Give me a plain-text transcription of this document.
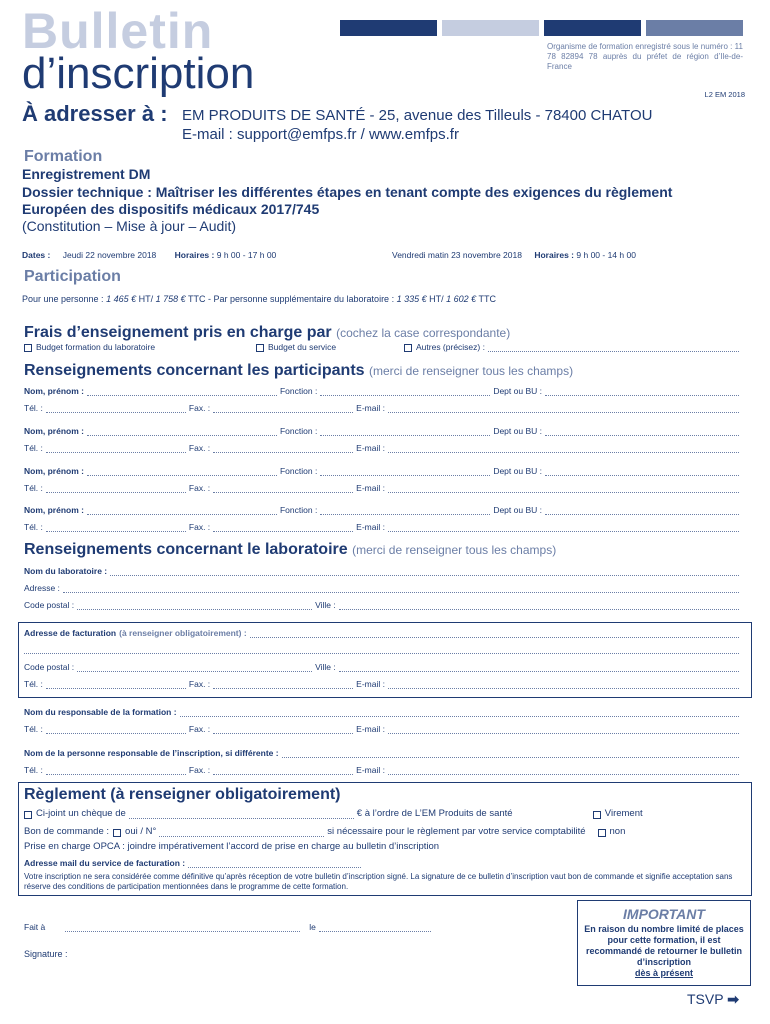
Bulletin
d’inscription
Organisme de formation enregistré sous le numéro : 11 78 82894 78 auprès du préfet de région d’Ile-de-France
L2 EM 2018
À adresser à : EM PRODUITS DE SANTÉ - 25, avenue des Tilleuls - 78400 CHATOU
E-mail : support@emfps.fr / www.emfps.fr
Formation
Enregistrement DM
Dossier technique : Maîtriser les différentes étapes en tenant compte des exigences du règlement Européen des dispositifs médicaux 2017/745
(Constitution – Mise à jour – Audit)
Dates : Jeudi 22 novembre 2018 Horaires : 9 h 00 - 17 h 00	Vendredi matin 23 novembre 2018 Horaires : 9 h 00 - 14 h 00
Participation
Pour une personne : 1 465 € HT/ 1 758 € TTC - Par personne supplémentaire du laboratoire : 1 335 € HT/ 1 602 € TTC
Frais d’enseignement pris en charge par (cochez la case correspondante)
Budget formation du laboratoire	Budget du service	Autres (précisez) :
Renseignements concernant les participants (merci de renseigner tous les champs)
Nom, prénom :	Fonction :	Dept ou BU :
Tél. :	Fax. :	E-mail :
Nom, prénom :	Fonction :	Dept ou BU :
Tél. :	Fax. :	E-mail :
Nom, prénom :	Fonction :	Dept ou BU :
Tél. :	Fax. :	E-mail :
Nom, prénom :	Fonction :	Dept ou BU :
Tél. :	Fax. :	E-mail :
Renseignements concernant le laboratoire (merci de renseigner tous les champs)
Nom du laboratoire :
Adresse :
Code postal :	Ville :
Adresse de facturation (à renseigner obligatoirement) :
Code postal :	Ville :
Tél. :	Fax. :	E-mail :
Nom du responsable de la formation :
Tél. :	Fax. :	E-mail :
Nom de la personne responsable de l’inscription, si différente :
Tél. :	Fax. :	E-mail :
Règlement (à renseigner obligatoirement)
Ci-joint un chèque de	€ à l’ordre de L’EM Produits de santé	Virement
Bon de commande : oui / N°	si nécessaire pour le règlement par votre service comptabilité	non
Prise en charge OPCA : joindre impérativement l’accord de prise en charge au bulletin d’inscription
Adresse mail du service de facturation :
Votre inscription ne sera considérée comme définitive qu’après réception de votre bulletin d’inscription signé. La signature de ce bulletin d’inscription vaut bon de commande et signifie acceptation sans réserve des conditions de participation mentionnées dans le programme de cette formation.
Fait à	le
Signature :
IMPORTANT
En raison du nombre limité de places pour cette formation, il est recommandé de retourner le bulletin d’inscription
dès à présent
TSVP ➡
